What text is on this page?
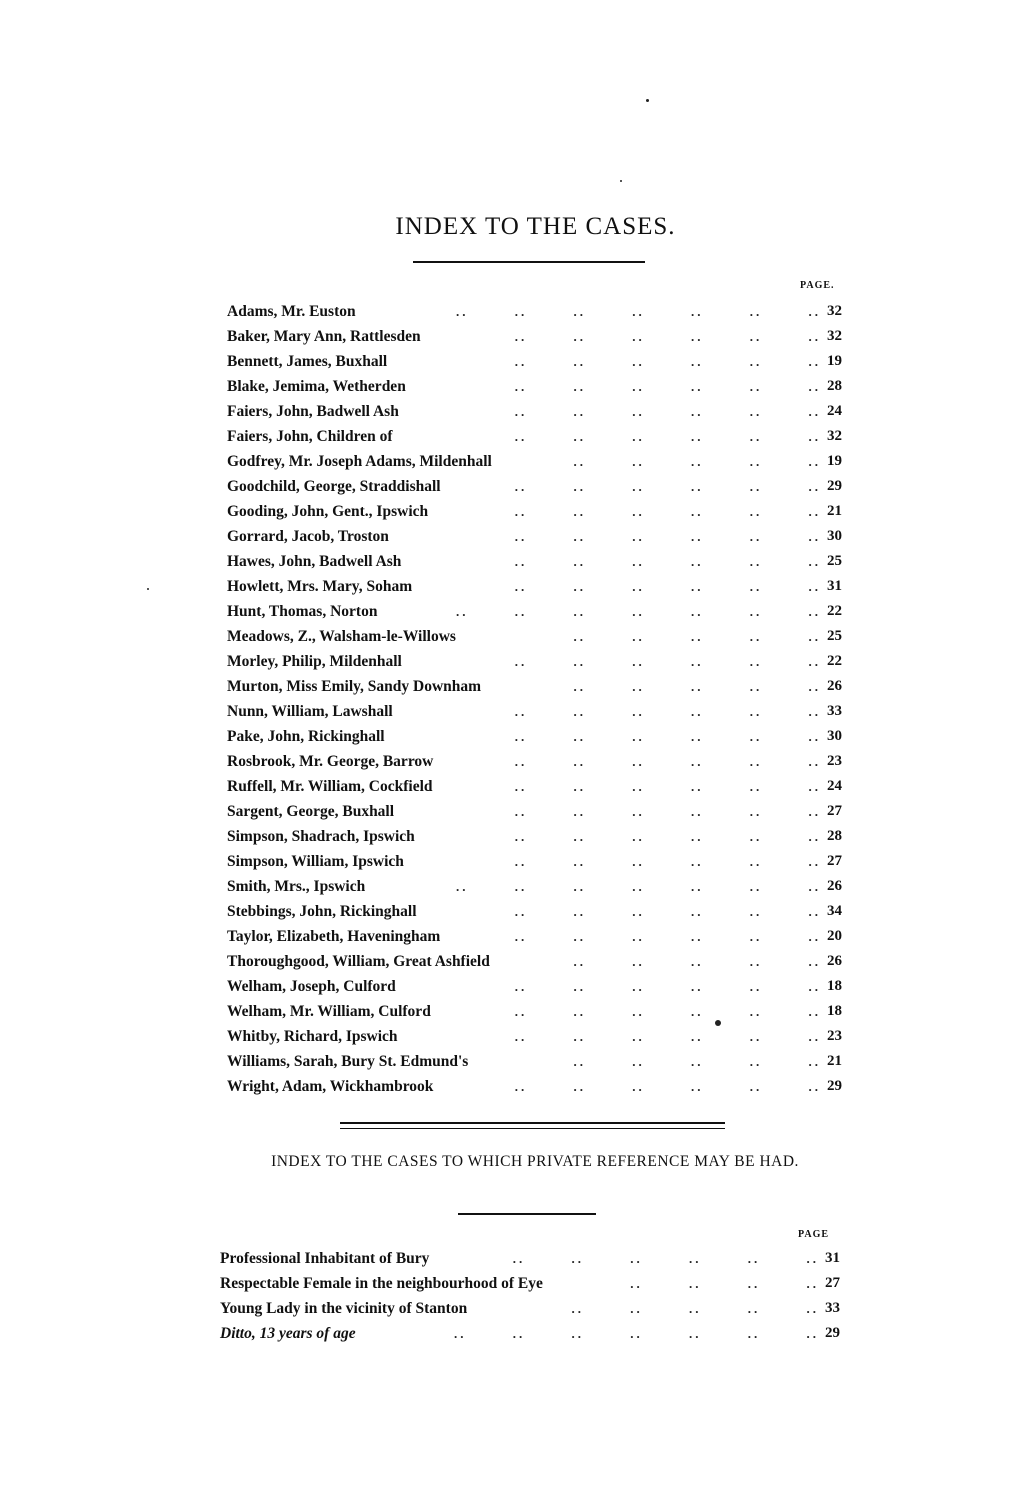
INDEX TO THE CASES.
PAGE.
Adams, Mr. Euston	.. .. .. .. .. .. .. 32
Baker, Mary Ann, Rattlesden	.. .. .. .. .. .. 32
Bennett, James, Buxhall	.. .. .. .. .. .. 19
Blake, Jemima, Wetherden	.. .. .. .. .. .. 28
Faiers, John, Badwell Ash	.. .. .. .. .. .. 24
Faiers, John, Children of	.. .. .. .. .. .. 32
Godfrey, Mr. Joseph Adams, Mildenhall	.. .. .. .. .. 19
Goodchild, George, Straddishall	.. .. .. .. .. .. 29
Gooding, John, Gent., Ipswich	.. .. .. .. .. .. 21
Gorrard, Jacob, Troston	.. .. .. .. .. .. 30
Hawes, John, Badwell Ash	.. .. .. .. .. .. 25
Howlett, Mrs. Mary, Soham	.. .. .. .. .. .. 31
Hunt, Thomas, Norton	.. .. .. .. .. .. .. 22
Meadows, Z., Walsham-le-Willows	.. .. .. .. .. 25
Morley, Philip, Mildenhall	.. .. .. .. .. .. 22
Murton, Miss Emily, Sandy Downham	.. .. .. .. .. 26
Nunn, William, Lawshall	.. .. .. .. .. .. 33
Pake, John, Rickinghall	.. .. .. .. .. .. 30
Rosbrook, Mr. George, Barrow	.. .. .. .. .. .. 23
Ruffell, Mr. William, Cockfield	.. .. .. .. .. .. 24
Sargent, George, Buxhall	.. .. .. .. .. .. 27
Simpson, Shadrach, Ipswich	.. .. .. .. .. .. 28
Simpson, William, Ipswich	.. .. .. .. .. .. 27
Smith, Mrs., Ipswich	.. .. .. .. .. .. .. 26
Stebbings, John, Rickinghall	.. .. .. .. .. .. 34
Taylor, Elizabeth, Haveningham	.. .. .. .. .. .. 20
Thoroughgood, William, Great Ashfield	.. .. .. .. .. 26
Welham, Joseph, Culford	.. .. .. .. .. .. 18
Welham, Mr. William, Culford	.. .. .. .. .. .. 18
Whitby, Richard, Ipswich	.. .. .. .. .. .. 23
Williams, Sarah, Bury St. Edmund's	.. .. .. .. .. 21
Wright, Adam, Wickhambrook	.. .. .. .. .. .. 29
INDEX TO THE CASES TO WHICH PRIVATE REFERENCE MAY BE HAD.
PAGE
Professional Inhabitant of Bury	.. .. .. .. .. .. 31
Respectable Female in the neighbourhood of Eye	.. .. .. .. 27
Young Lady in the vicinity of Stanton	.. .. .. .. .. 33
Ditto, 13 years of age	.. .. .. .. .. .. .. 29
